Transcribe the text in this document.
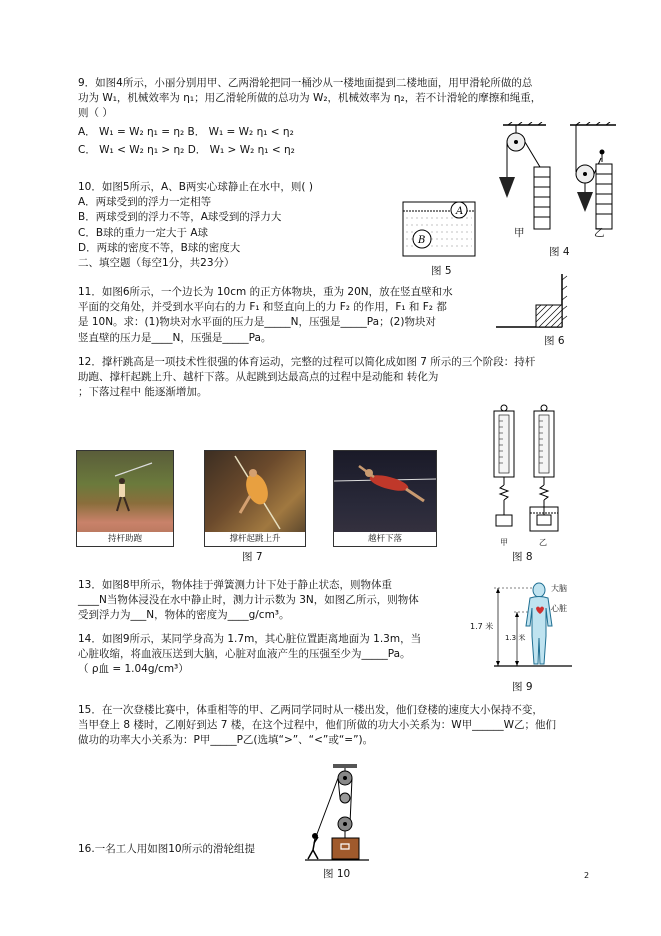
9．如图4所示，小丽分别用甲、乙两滑轮把同一桶沙从一楼地面提到二楼地面，用甲滑轮所做的总
功为 W₁，机械效率为 η₁；用乙滑轮所做的总功为 W₂，机械效率为 η₂，若不计滑轮的摩擦和绳重，
则（ ）
A． W₁ = W₂ η₁ = η₂ B． W₁ = W₂ η₁ < η₂
C． W₁ < W₂ η₁ > η₂ D． W₁ > W₂ η₁ < η₂
甲	乙
图 4
10．如图5所示，A、B两实心球静止在水中，则( )
A．两球受到的浮力一定相等
B．两球受到的浮力不等，A球受到的浮力大
C．B球的重力一定大于 A球
D．两球的密度不等，B球的密度大
二、填空题（每空1分，共23分）
A
B
图 5
11．如图6所示，一个边长为 10cm 的正方体物块，重为 20N，放在竖直壁和水
平面的交角处，并受到水平向右的力 F₁ 和竖直向上的力 F₂ 的作用，F₁ 和 F₂ 都
是 10N。求：(1)物块对水平面的压力是_____N，压强是_____Pa；(2)物块对
竖直壁的压力是____N，压强是_____Pa。	图 6
12．撑杆跳高是一项技术性很强的体育运动，完整的过程可以简化成如图 7 所示的三个阶段：持杆
助跑、撑杆起跳上升、越杆下落。从起跳到达最高点的过程中是动能和 转化为
；下落过程中 能逐渐增加。
持杆助跑	撑杆起跳上升	越杆下落
图 7
甲	乙
图 8
13．如图8甲所示，物体挂于弹簧测力计下处于静止状态，则物体重
____N当物体浸没在水中静止时，测力计示数为 3N，如图乙所示，则物体
受到浮力为___N，物体的密度为____g/cm³。
14．如图9所示，某同学身高为 1.7m，其心脏位置距离地面为 1.3m，当
心脏收缩，将血液压送到大脑，心脏对血液产生的压强至少为_____Pa。
（ ρ血 = 1.04g/cm³）
大脑
心脏
1.7 米
1.3 米
图 9
15．在一次登楼比赛中，体重相等的甲、乙两同学同时从一楼出发，他们登楼的速度大小保持不变，
当甲登上 8 楼时，乙刚好到达 7 楼，在这个过程中，他们所做的功大小关系为：W甲______W乙；他们
做功的功率大小关系为：P甲_____P乙(选填“>”、“<”或“=”)。
16.一名工人用如图10所示的滑轮组提
图 10	2
